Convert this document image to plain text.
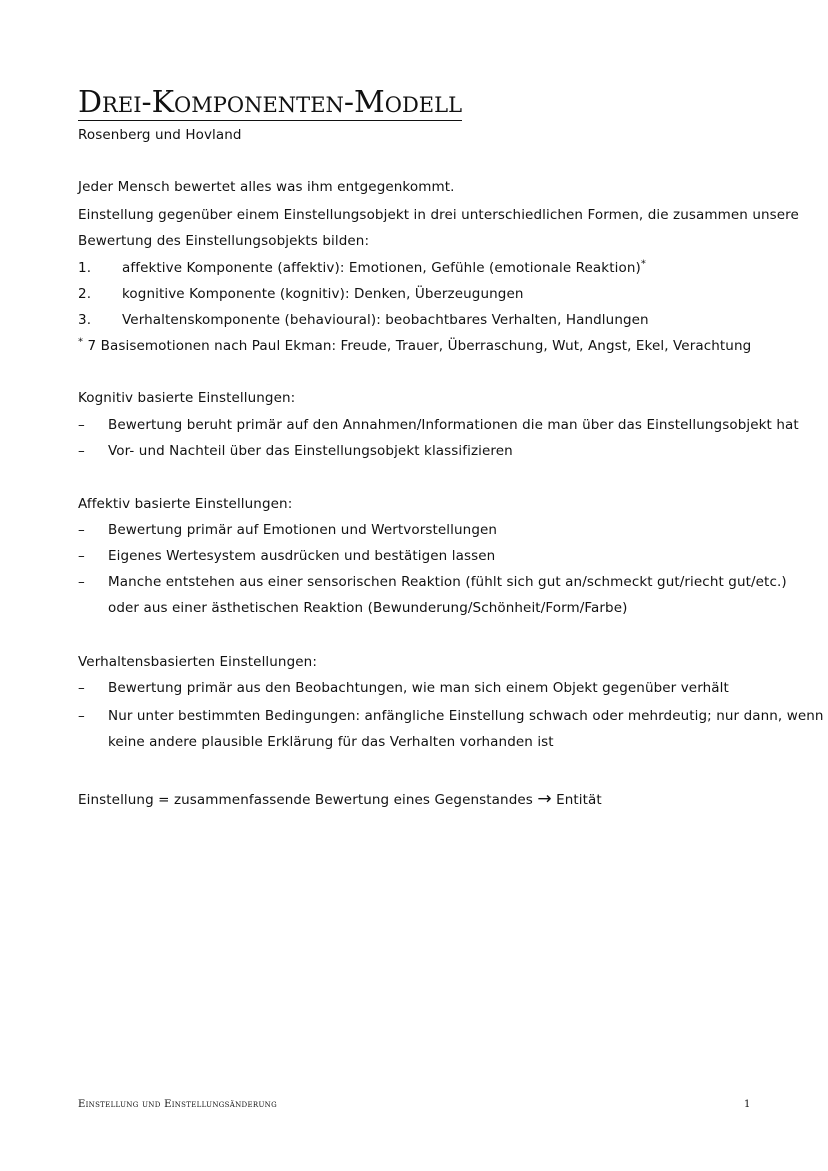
Drei-Komponenten-Modell
Rosenberg und Hovland
Jeder Mensch bewertet alles was ihm entgegenkommt.
Einstellung gegenüber einem Einstellungsobjekt in drei unterschiedlichen Formen, die zusammen unsere
Bewertung des Einstellungsobjekts bilden:
1. affektive Komponente (affektiv): Emotionen, Gefühle (emotionale Reaktion)*
2. kognitive Komponente (kognitiv): Denken, Überzeugungen
3. Verhaltenskomponente (behavioural): beobachtbares Verhalten, Handlungen
* 7 Basisemotionen nach Paul Ekman: Freude, Trauer, Überraschung, Wut, Angst, Ekel, Verachtung
Kognitiv basierte Einstellungen:
– Bewertung beruht primär auf den Annahmen/Informationen die man über das Einstellungsobjekt hat
– Vor- und Nachteil über das Einstellungsobjekt klassifizieren
Affektiv basierte Einstellungen:
– Bewertung primär auf Emotionen und Wertvorstellungen
– Eigenes Wertesystem ausdrücken und bestätigen lassen
– Manche entstehen aus einer sensorischen Reaktion (fühlt sich gut an/schmeckt gut/riecht gut/etc.)
oder aus einer ästhetischen Reaktion (Bewunderung/Schönheit/Form/Farbe)
Verhaltensbasierten Einstellungen:
– Bewertung primär aus den Beobachtungen, wie man sich einem Objekt gegenüber verhält
– Nur unter bestimmten Bedingungen: anfängliche Einstellung schwach oder mehrdeutig; nur dann, wenn
keine andere plausible Erklärung für das Verhalten vorhanden ist
Einstellung = zusammenfassende Bewertung eines Gegenstandes → Entität
Einstellung und Einstellungsänderung	1
